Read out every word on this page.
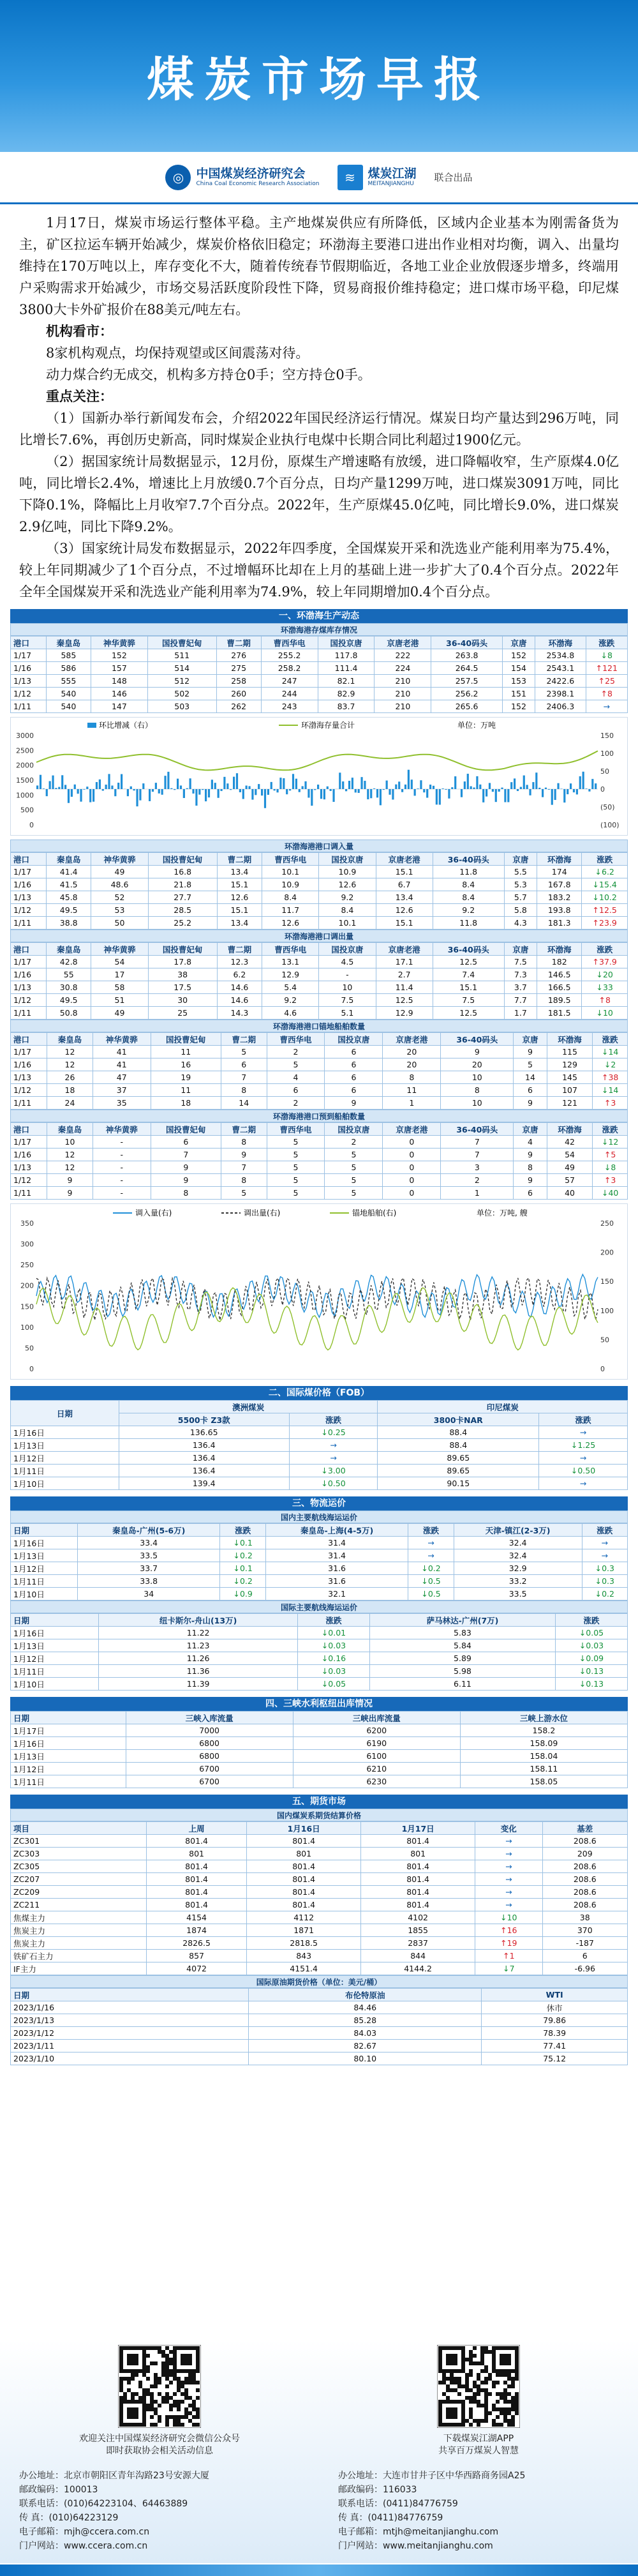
煤炭市场早报
◎	中国煤炭经济研究会
China Coal Economic Research Association	≋	煤炭江湖
MEITANJIANGHU
联合出品

1月17日，煤炭市场运行整体平稳。主产地煤炭供应有所降低，区域内企业基本为刚需备货为主，矿区拉运车辆开始减少，煤炭价格依旧稳定；环渤海主要港口进出作业相对均衡，调入、出量均维持在170万吨以上，库存变化不大，随着传统春节假期临近，各地工业企业放假逐步增多，终端用户采购需求开始减少，市场交易活跃度阶段性下降，贸易商报价维持稳定；进口煤市场平稳，印尼煤3800大卡外矿报价在88美元/吨左右。

机构看市：

8家机构观点，均保持观望或区间震荡对待。

动力煤合约无成交，机构多方持仓0手；空方持仓0手。

重点关注：

（1）国新办举行新闻发布会，介绍2022年国民经济运行情况。煤炭日均产量达到296万吨，同比增长7.6%，再创历史新高，同时煤炭企业执行电煤中长期合同比利超过1900亿元。

（2）据国家统计局数据显示，12月份，原煤生产增速略有放缓，进口降幅收窄，生产原煤4.0亿吨，同比增长2.4%，增速比上月放缓0.7个百分点，日均产量1299万吨，进口煤炭3091万吨，同比下降0.1%，降幅比上月收窄7.7个百分点。2022年，生产原煤45.0亿吨，同比增长9.0%，进口煤炭2.9亿吨，同比下降9.2%。

（3）国家统计局发布数据显示，2022年四季度，全国煤炭开采和洗选业产能利用率为75.4%，较上年同期减少了1个百分点，不过增幅环比却在上月的基础上进一步扩大了0.4个百分点。2022年全年全国煤炭开采和洗选业产能利用率为74.9%，较上年同期增加0.4个百分点。

一、环渤海生产动态
环渤海港存煤库存情况
港口	秦皇岛	神华黄骅	国投曹妃甸	曹二期	曹西华电	国投京唐	京唐老港	36-40码头	京唐	环渤海	涨跌
1/17	585	152	511	276	255.2	117.8	222	263.8	152	2534.8	↓8
1/16	586	157	514	275	258.2	111.4	224	264.5	154	2543.1	↑121
1/13	555	148	512	258	247	82.1	210	257.5	153	2422.6	↑25
1/12	540	146	502	260	244	82.9	210	256.2	151	2398.1	↑8
1/11	540	147	503	262	243	83.7	210	265.6	152	2406.3	→
环比增减（右）	环渤海存量合计	单位：万吨
3000
2500
2000
1500
1000
500
0
150
100
50
0
(50)
(100)
环渤海港港口调入量
港口	秦皇岛	神华黄骅	国投曹妃甸	曹二期	曹西华电	国投京唐	京唐老港	36-40码头	京唐	环渤海	涨跌
1/17	41.4	49	16.8	13.4	10.1	10.9	15.1	11.8	5.5	174	↓6.2
1/16	41.5	48.6	21.8	15.1	10.9	12.6	6.7	8.4	5.3	167.8	↓15.4
1/13	45.8	52	27.7	12.6	8.4	9.2	13.4	8.4	5.7	183.2	↓10.2
1/12	49.5	53	28.5	15.1	11.7	8.4	12.6	9.2	5.8	193.8	↑12.5
1/11	38.8	50	25.2	13.4	12.6	10.1	15.1	11.8	4.3	181.3	↑23.9
环渤海港港口调出量
港口	秦皇岛	神华黄骅	国投曹妃甸	曹二期	曹西华电	国投京唐	京唐老港	36-40码头	京唐	环渤海	涨跌
1/17	42.8	54	17.8	12.3	13.1	4.5	17.1	12.5	7.5	182	↑37.9
1/16	55	17	38	6.2	12.9	-	2.7	7.4	7.3	146.5	↓20
1/13	30.8	58	17.5	14.6	5.4	10	11.4	15.1	3.7	166.5	↓33
1/12	49.5	51	30	14.6	9.2	7.5	12.5	7.5	7.7	189.5	↑8
1/11	50.8	49	25	14.3	4.6	5.1	12.9	12.5	1.7	181.5	↓10
环渤海港港口锚地船舶数量
港口	秦皇岛	神华黄骅	国投曹妃甸	曹二期	曹西华电	国投京唐	京唐老港	36-40码头	京唐	环渤海	涨跌
1/17	12	41	11	5	2	6	20	9	9	115	↓14
1/16	12	41	16	6	5	6	20	20	5	129	↓2
1/13	26	47	19	7	4	6	8	10	14	145	↑38
1/12	18	37	11	8	6	6	11	8	6	107	↓14
1/11	24	35	18	14	2	9	1	10	9	121	↑3
环渤海港港口预到船舶数量
港口	秦皇岛	神华黄骅	国投曹妃甸	曹二期	曹西华电	国投京唐	京唐老港	36-40码头	京唐	环渤海	涨跌
1/17	10	-	6	8	5	2	0	7	4	42	↓12
1/16	12	-	7	9	5	5	0	7	9	54	↑5
1/13	12	-	9	7	5	5	0	3	8	49	↓8
1/12	9	-	9	8	5	5	0	2	9	57	↑3
1/11	9	-	8	5	5	5	0	1	6	40	↓40
调入量(右)	调出量(右)	锚地船舶(右)	单位：万吨, 艘
350
300
250
200
150
100
50
0
250
200
150
100
50
0
二、国际煤价格（FOB）
日期	澳洲煤炭		印尼煤炭	
	5500卡 Z3款	涨跌	3800卡NAR	涨跌
1月16日	136.65	↓0.25	88.4	→
1月13日	136.4	→	88.4	↓1.25
1月12日	136.4	→	89.65	→
1月11日	136.4	↓3.00	89.65	↓0.50
1月10日	139.4	↓0.50	90.15	→
三、物流运价
国内主要航线海运运价
日期	秦皇岛-广州(5-6万)	涨跌	秦皇岛-上海(4-5万)	涨跌	天津-镇江(2-3万)	涨跌
1月16日	33.4	↓0.1	31.4	→	32.4	→
1月13日	33.5	↓0.2	31.4	→	32.4	→
1月12日	33.7	↓0.1	31.6	↓0.2	32.9	↓0.3
1月11日	33.8	↓0.2	31.6	↓0.5	33.2	↓0.3
1月10日	34	↓0.9	32.1	↓0.5	33.5	↓0.2
国际主要航线海运运价
日期	纽卡斯尔-舟山(13万)	涨跌	萨马林达-广州(7万)	涨跌
1月16日	11.22	↓0.01	5.83	↓0.05
1月13日	11.23	↓0.03	5.84	↓0.03
1月12日	11.26	↓0.16	5.89	↓0.09
1月11日	11.36	↓0.03	5.98	↓0.13
1月10日	11.39	↓0.05	6.11	↓0.13
四、三峡水利枢纽出库情况
日期	三峡入库流量	三峡出库流量	三峡上游水位
1月17日	7000	6200	158.2
1月16日	6800	6190	158.09
1月13日	6800	6100	158.04
1月12日	6700	6210	158.11
1月11日	6700	6230	158.05
五、期货市场
国内煤炭系期货结算价格
项目	上周	1月16日	1月17日	变化	基差
ZC301	801.4	801.4	801.4	→	208.6
ZC303	801	801	801	→	209
ZC305	801.4	801.4	801.4	→	208.6
ZC207	801.4	801.4	801.4	→	208.6
ZC209	801.4	801.4	801.4	→	208.6
ZC211	801.4	801.4	801.4	→	208.6
焦煤主力	4154	4112	4102	↓10	38
焦炭主力	1874	1871	1855	↑16	370
焦炭主力	2826.5	2818.5	2837	↑19	-187
铁矿石主力	857	843	844	↑1	6
IF主力	4072	4151.4	4144.2	↓7	-6.96
国际原油期货价格（单位：美元/桶）
日期	布伦特原油	WTI
2023/1/16	84.46	休市
2023/1/13	85.28	79.86
2023/1/12	84.03	78.39
2023/1/11	82.67	77.41
2023/1/10	80.10	75.12
欢迎关注中国煤炭经济研究会微信公众号
即时获取协会相关活动信息
下载煤炭江湖APP
共享百万煤炭人智慧
办公地址：北京市朝阳区青年沟路23号安源大厦
邮政编码：100013
联系电话：(010)64223104、64463889
传 真：(010)64223129
电子邮箱：mjh@ccera.com.cn
门户网站：www.ccera.com.cn
办公地址：大连市甘井子区中华西路商务园A25
邮政编码：116033
联系电话：(0411)84776759
传 真：(0411)84776759
电子邮箱：mtjh@meitanjianghu.com
门户网站：www.meitanjianghu.com
